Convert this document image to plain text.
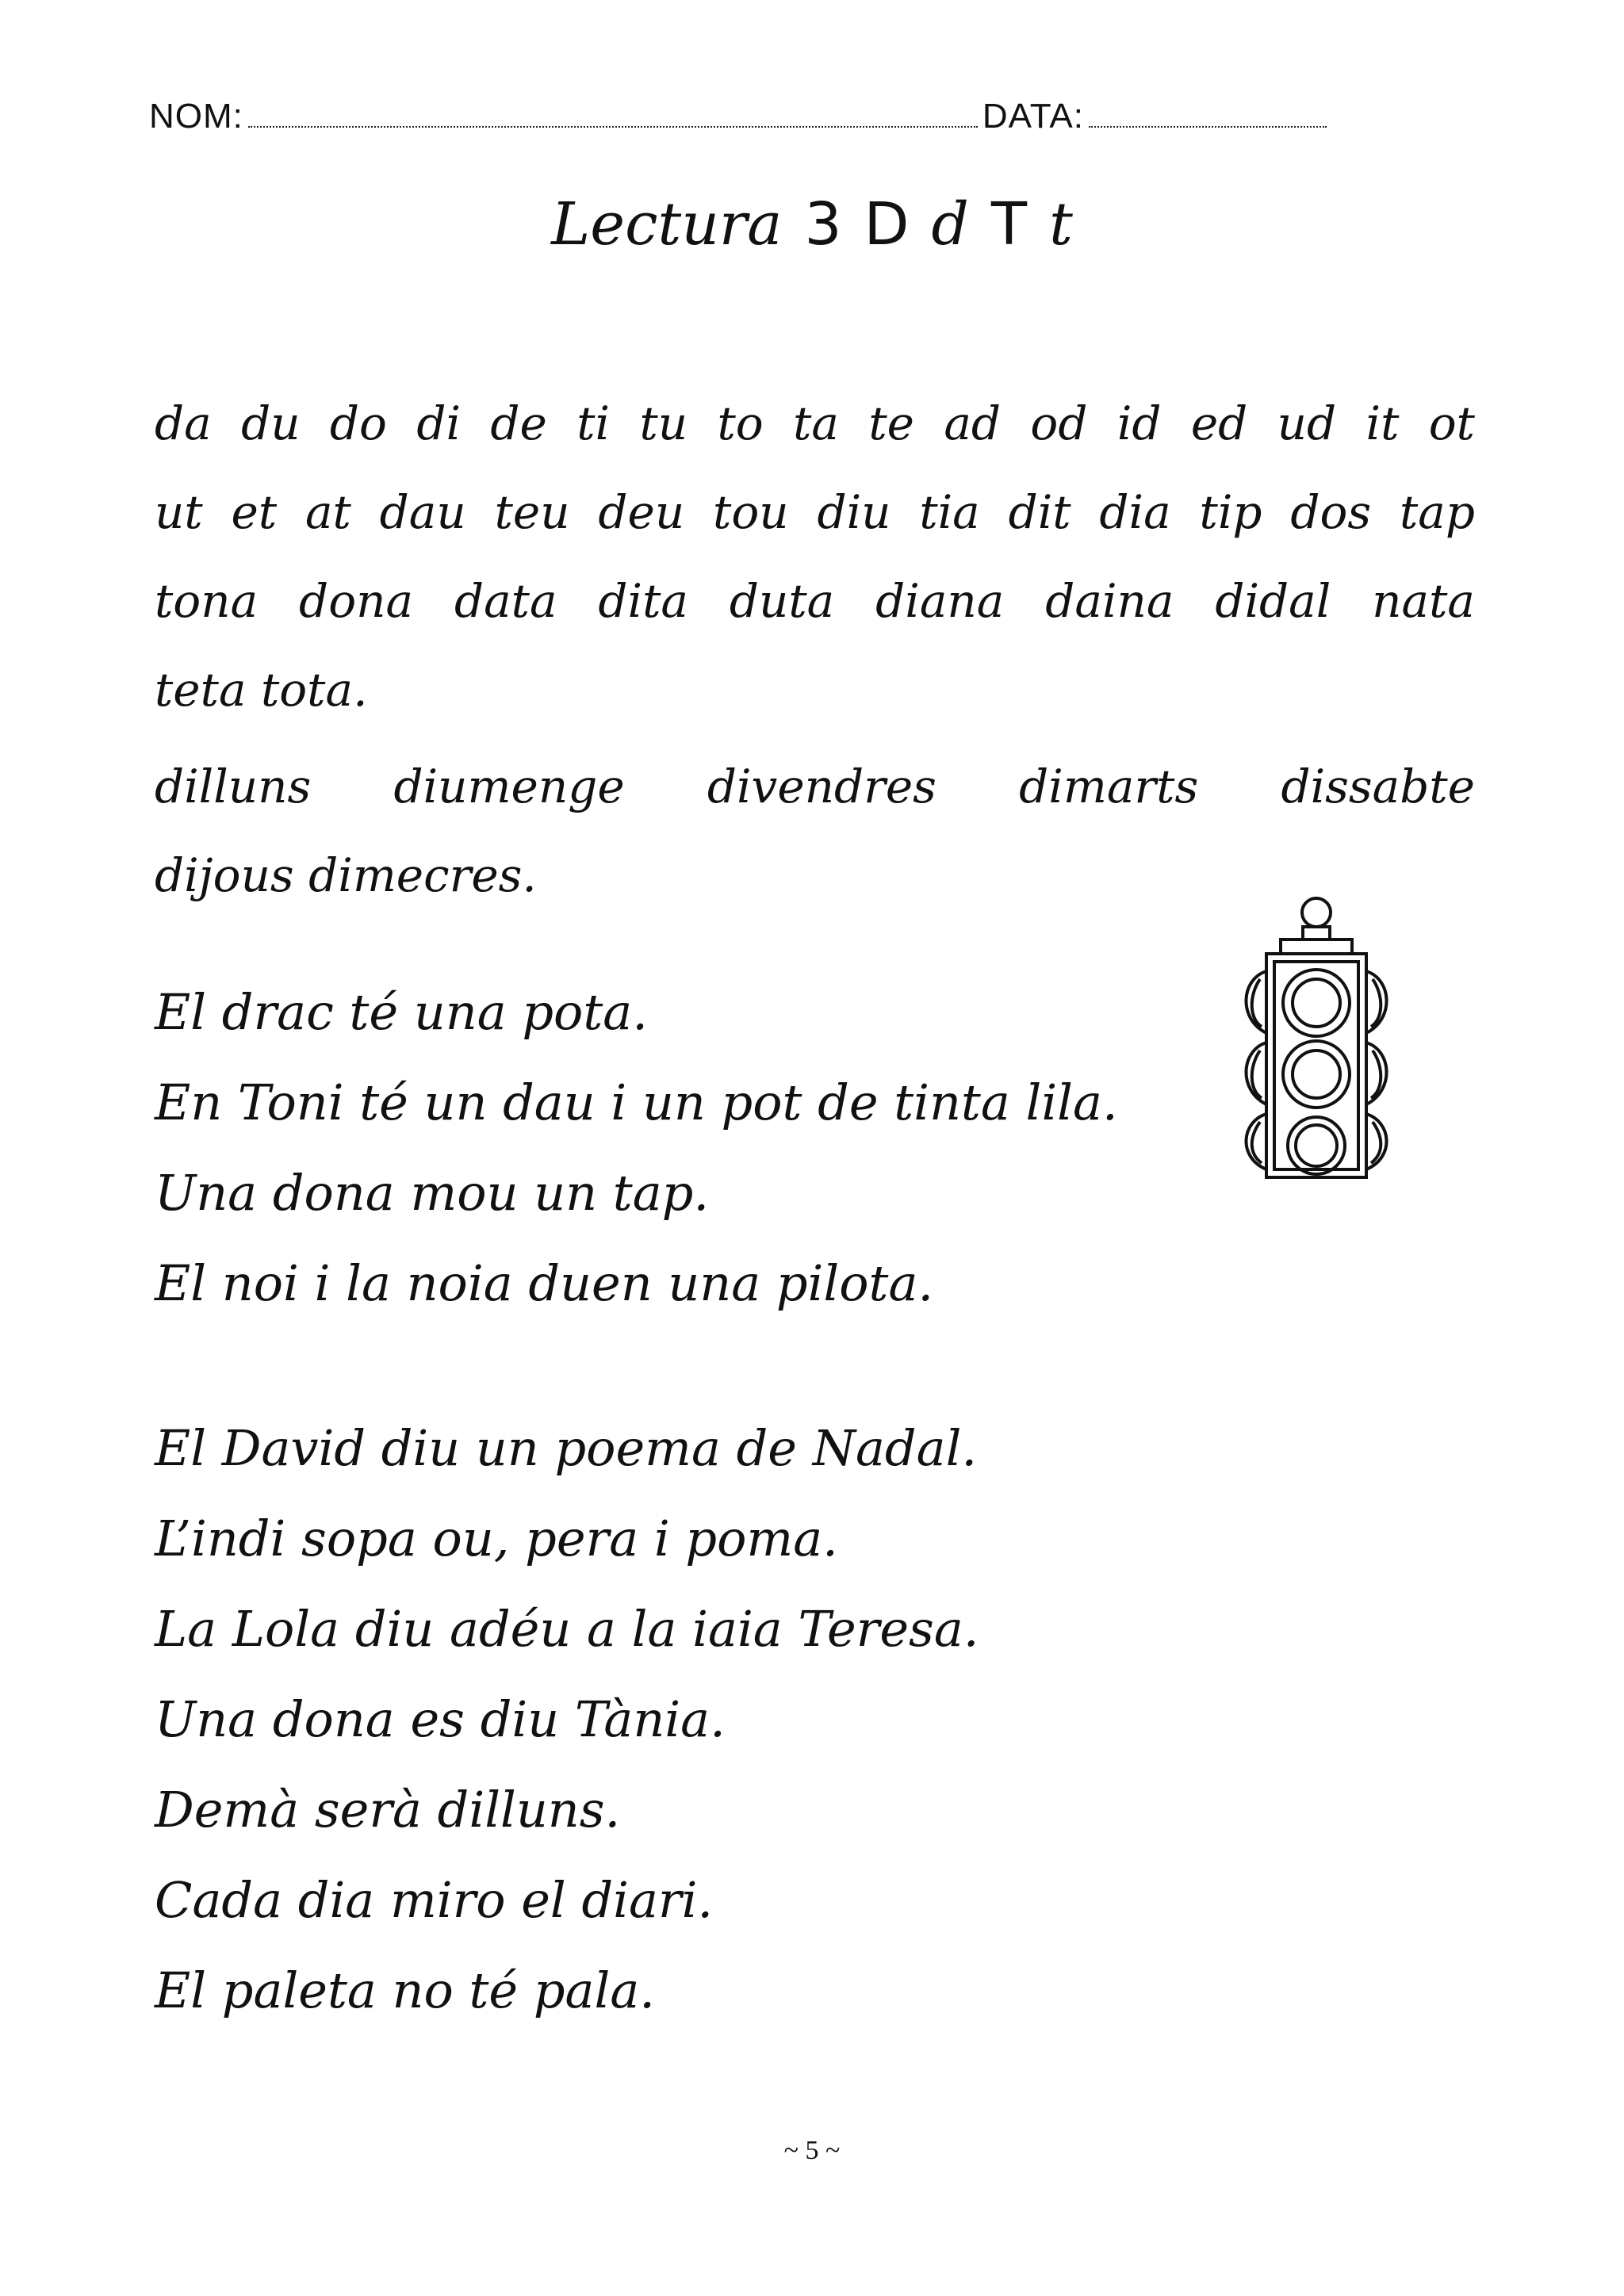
NOM:	DATA:
Lectura 3 D d T t
da du do di de ti tu to ta te ad od id ed ud it ot
ut et at dau teu deu tou diu tia dit dia tip dos tap
tona dona data dita duta diana daina didal nata
teta tota.
dilluns diumenge divendres dimarts dissabte
dijous dimecres.
El drac té una pota.
En Toni té un dau i un pot de tinta lila.
Una dona mou un tap.
El noi i la noia duen una pilota.
El David diu un poema de Nadal.
L’indi sopa ou, pera i poma.
La Lola diu adéu a la iaia Teresa.
Una dona es diu Tània.
Demà serà dilluns.
Cada dia miro el diari.
El paleta no té pala.
~ 5 ~
